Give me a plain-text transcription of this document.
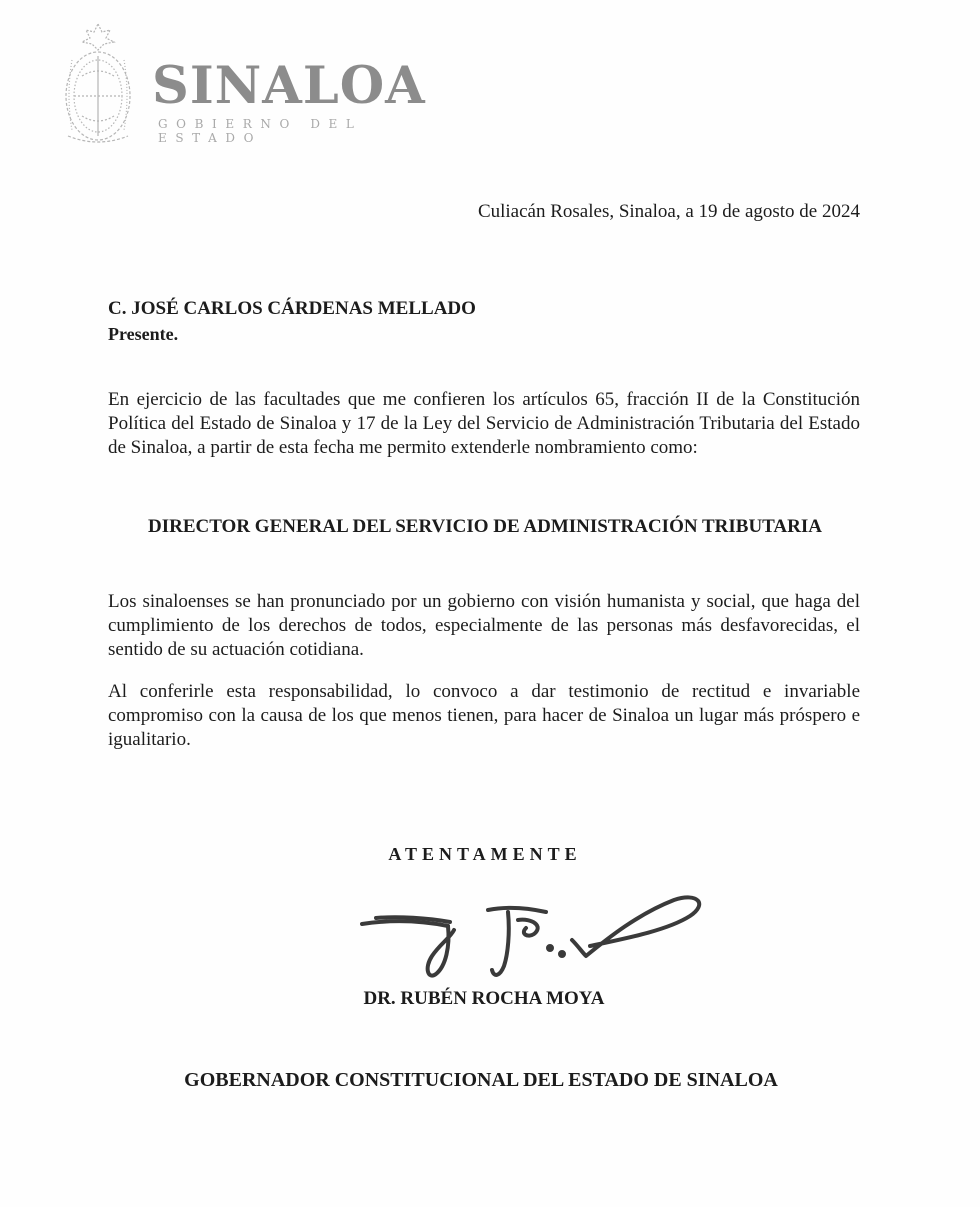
SINALOA
GOBIERNO DEL ESTADO
Culiacán Rosales, Sinaloa, a 19 de agosto de 2024
C. JOSÉ CARLOS CÁRDENAS MELLADO
Presente.

En ejercicio de las facultades que me confieren los artículos 65, fracción II de la Constitución Política del Estado de Sinaloa y 17 de la Ley del Servicio de Administración Tributaria del Estado de Sinaloa, a partir de esta fecha me permito extenderle nombramiento como:

DIRECTOR GENERAL DEL SERVICIO DE ADMINISTRACIÓN TRIBUTARIA

Los sinaloenses se han pronunciado por un gobierno con visión humanista y social, que haga del cumplimiento de los derechos de todos, especialmente de las personas más desfavorecidas, el sentido de su actuación cotidiana.

Al conferirle esta responsabilidad, lo convoco a dar testimonio de rectitud e invariable compromiso con la causa de los que menos tienen, para hacer de Sinaloa un lugar más próspero e igualitario.

ATENTAMENTE
DR. RUBÉN ROCHA MOYA
GOBERNADOR CONSTITUCIONAL DEL ESTADO DE SINALOA
